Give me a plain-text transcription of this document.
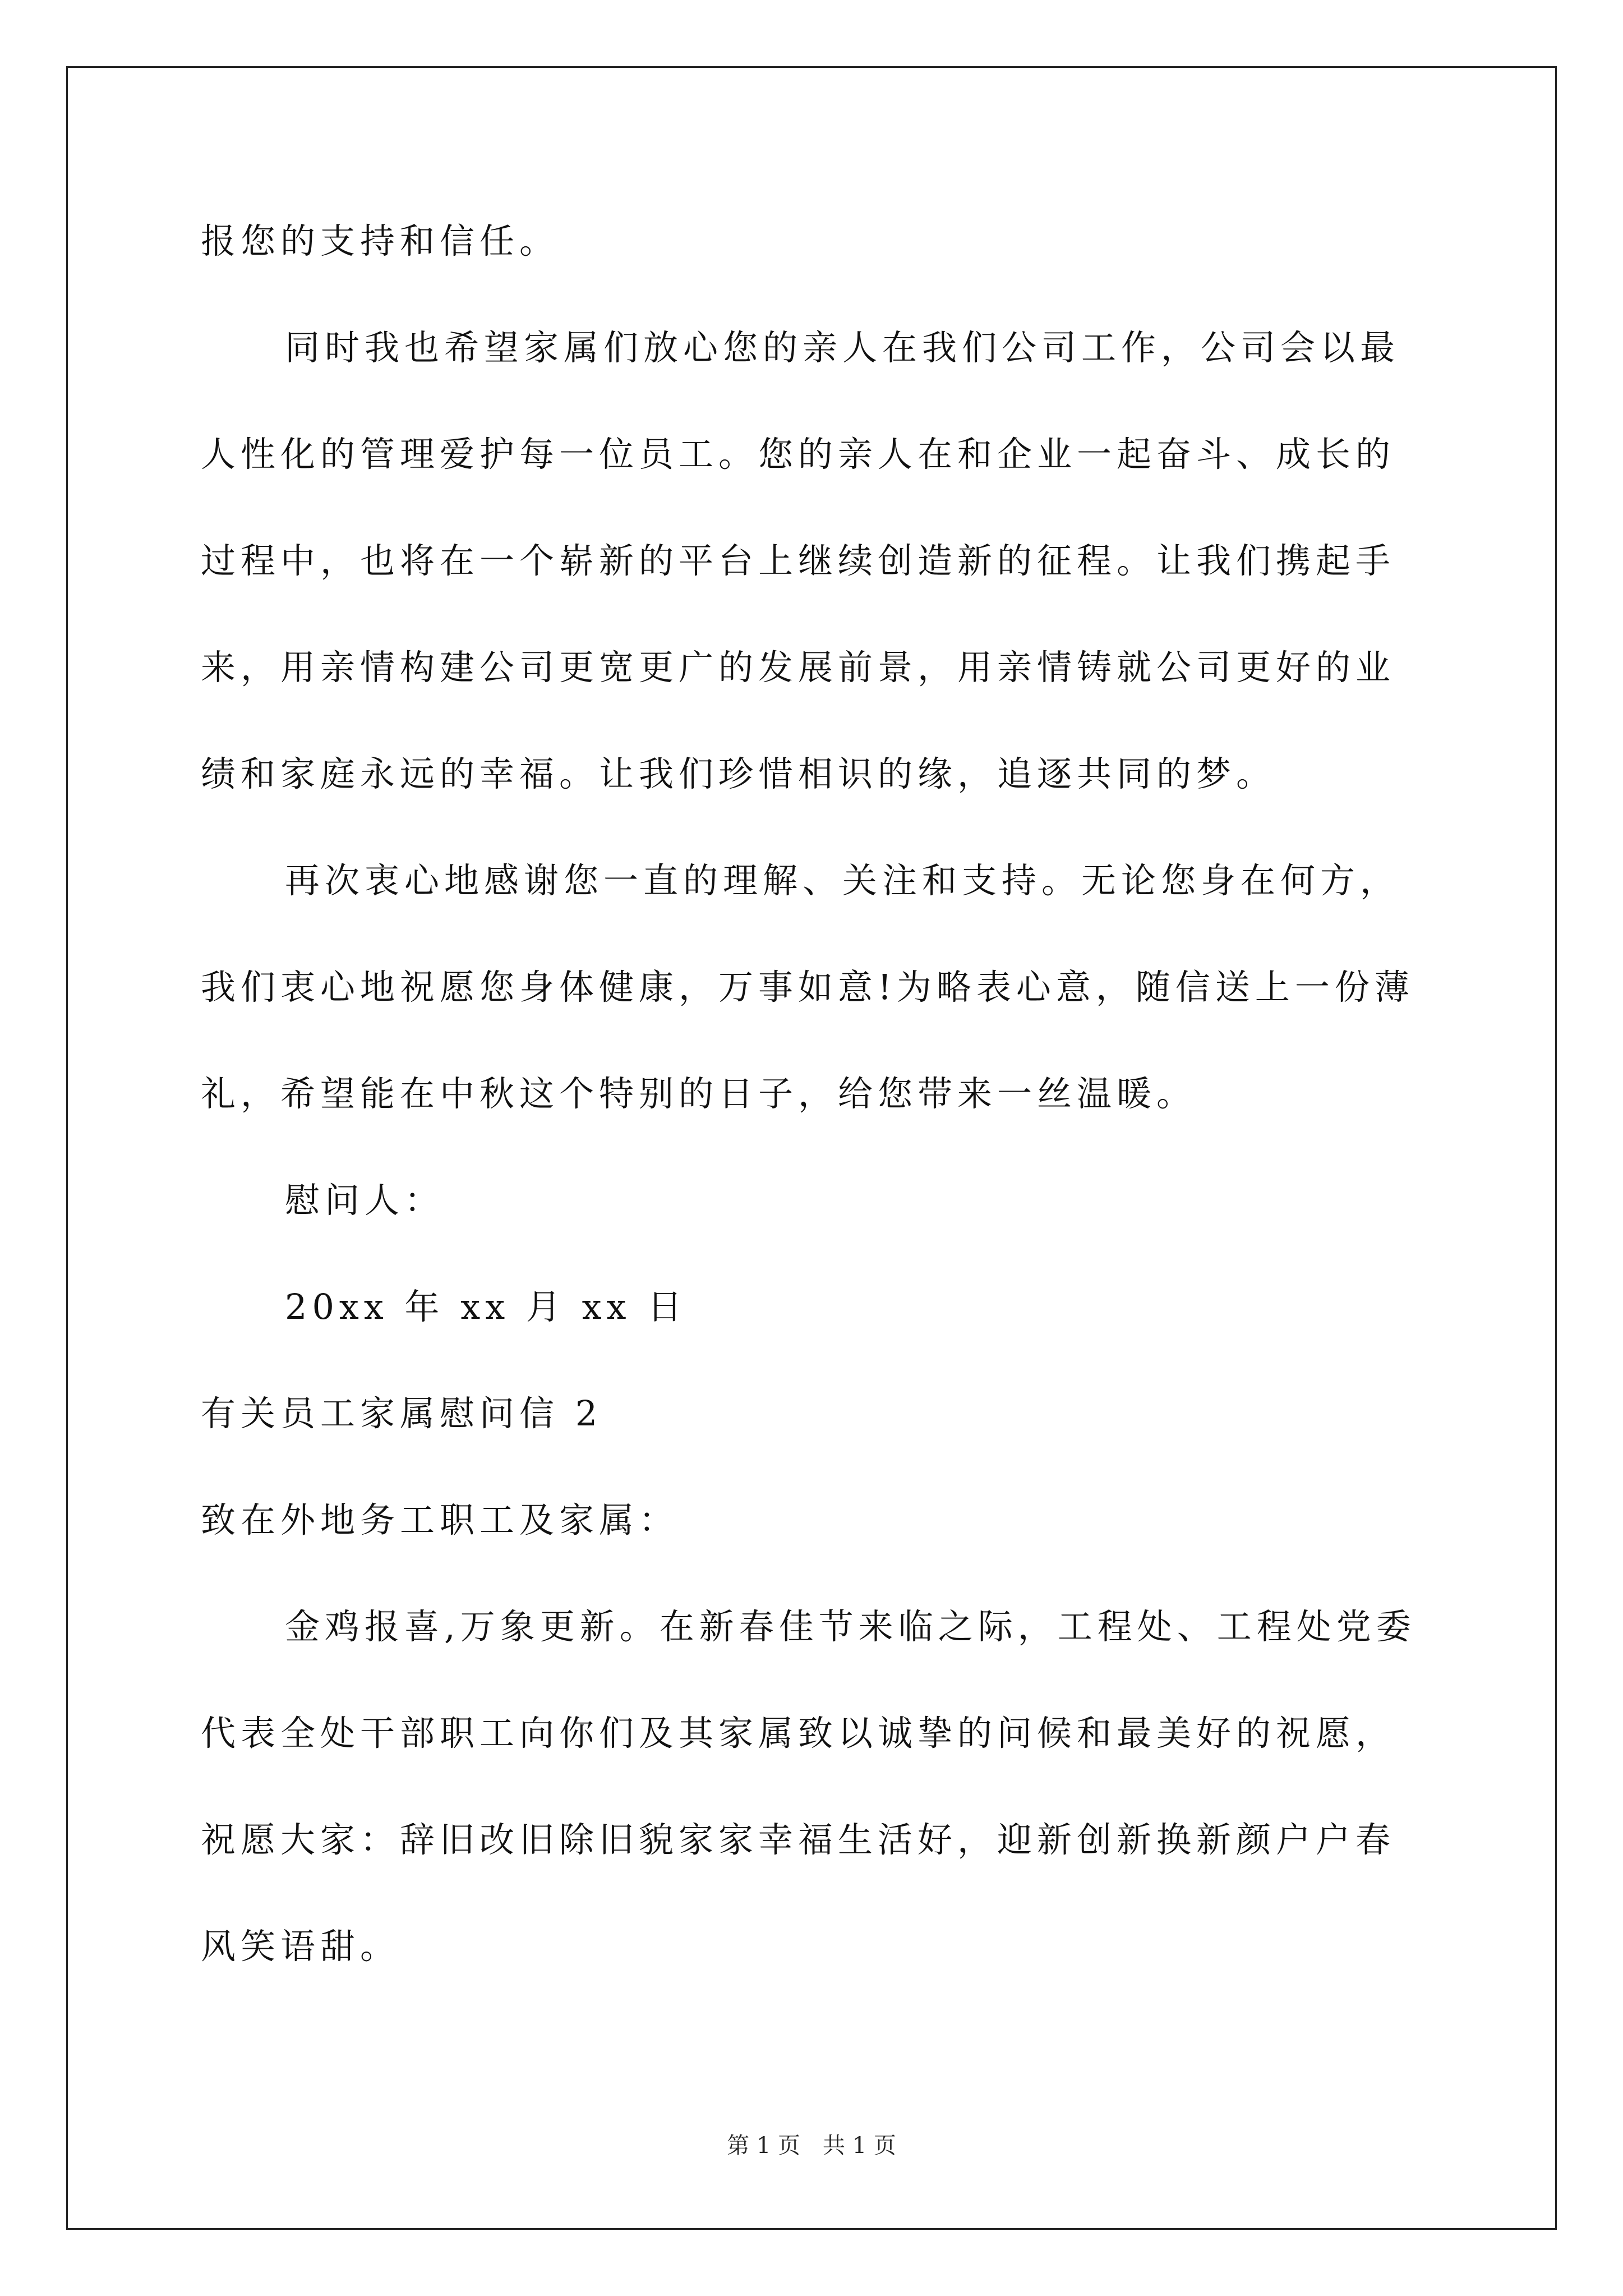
报您的支持和信任。
同时我也希望家属们放心您的亲人在我们公司工作，公司会以最
人性化的管理爱护每一位员工。您的亲人在和企业一起奋斗、成长的
过程中，也将在一个崭新的平台上继续创造新的征程。让我们携起手
来，用亲情构建公司更宽更广的发展前景，用亲情铸就公司更好的业
绩和家庭永远的幸福。让我们珍惜相识的缘，追逐共同的梦。
再次衷心地感谢您一直的理解、关注和支持。无论您身在何方，
我们衷心地祝愿您身体健康，万事如意!为略表心意，随信送上一份薄
礼，希望能在中秋这个特别的日子，给您带来一丝温暖。
慰问人：
20xx 年 xx 月 xx 日
有关员工家属慰问信 2
致在外地务工职工及家属：
金鸡报喜,万象更新。在新春佳节来临之际，工程处、工程处党委
代表全处干部职工向你们及其家属致以诚挚的问候和最美好的祝愿，
祝愿大家：辞旧改旧除旧貌家家幸福生活好，迎新创新换新颜户户春
风笑语甜。
第 1 页　共 1 页
